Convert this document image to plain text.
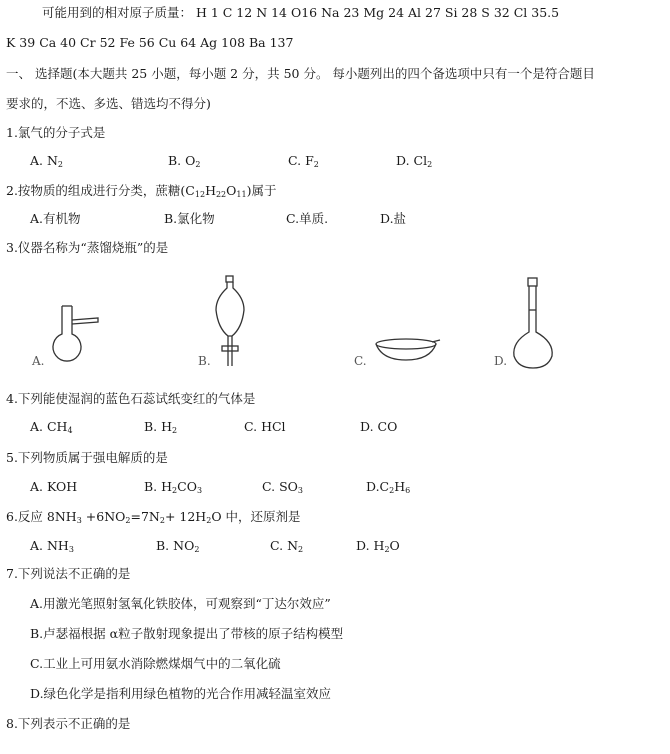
可能用到的相对原子质量： H 1 C 12 N 14 O16 Na 23 Mg 24 Al 27 Si 28 S 32 Cl 35.5
K 39 Ca 40 Cr 52 Fe 56 Cu 64 Ag 108 Ba 137
一、 选择题(本大题共 25 小题，每小题 2 分，共 50 分。 每小题列出的四个备选项中只有一个是符合题目
要求的，不选、多选、错选均不得分)
1.氯气的分子式是
A. $N_2$	B. $O_2$	C. $F_2$	D. $Cl_2$
2.按物质的组成进行分类，蔗糖$(C_{12}H_{22}O_{11})$属于
A.有机物	B.氯化物	C.单质.	D.盐
3.仪器名称为“蒸馏烧瓶”的是
A.	B.	C.	D.
4.下列能使湿润的蓝色石蕊试纸变红的气体是
A. $CH_4$	B. $H_2$	C. HCl	D. CO
5.下列物质属于强电解质的是
A. KOH	B. $H_2CO_3$	C. $SO_3$	$D.C_2H_6$
6.反应 $8NH_3 +6NO_2=7N_2+ 12H_2O$ 中，还原剂是
A. $NH_3$	B. $NO_2$	C. $N_2$	D. $H_2O$
7.下列说法不正确的是
A.用激光笔照射氢氧化铁胶体，可观察到“丁达尔效应”
B.卢瑟福根据 α粒子散射现象提出了带核的原子结构模型
C.工业上可用氨水消除燃煤烟气中的二氧化硫
D.绿色化学是指利用绿色植物的光合作用减轻温室效应
8.下列表示不正确的是
